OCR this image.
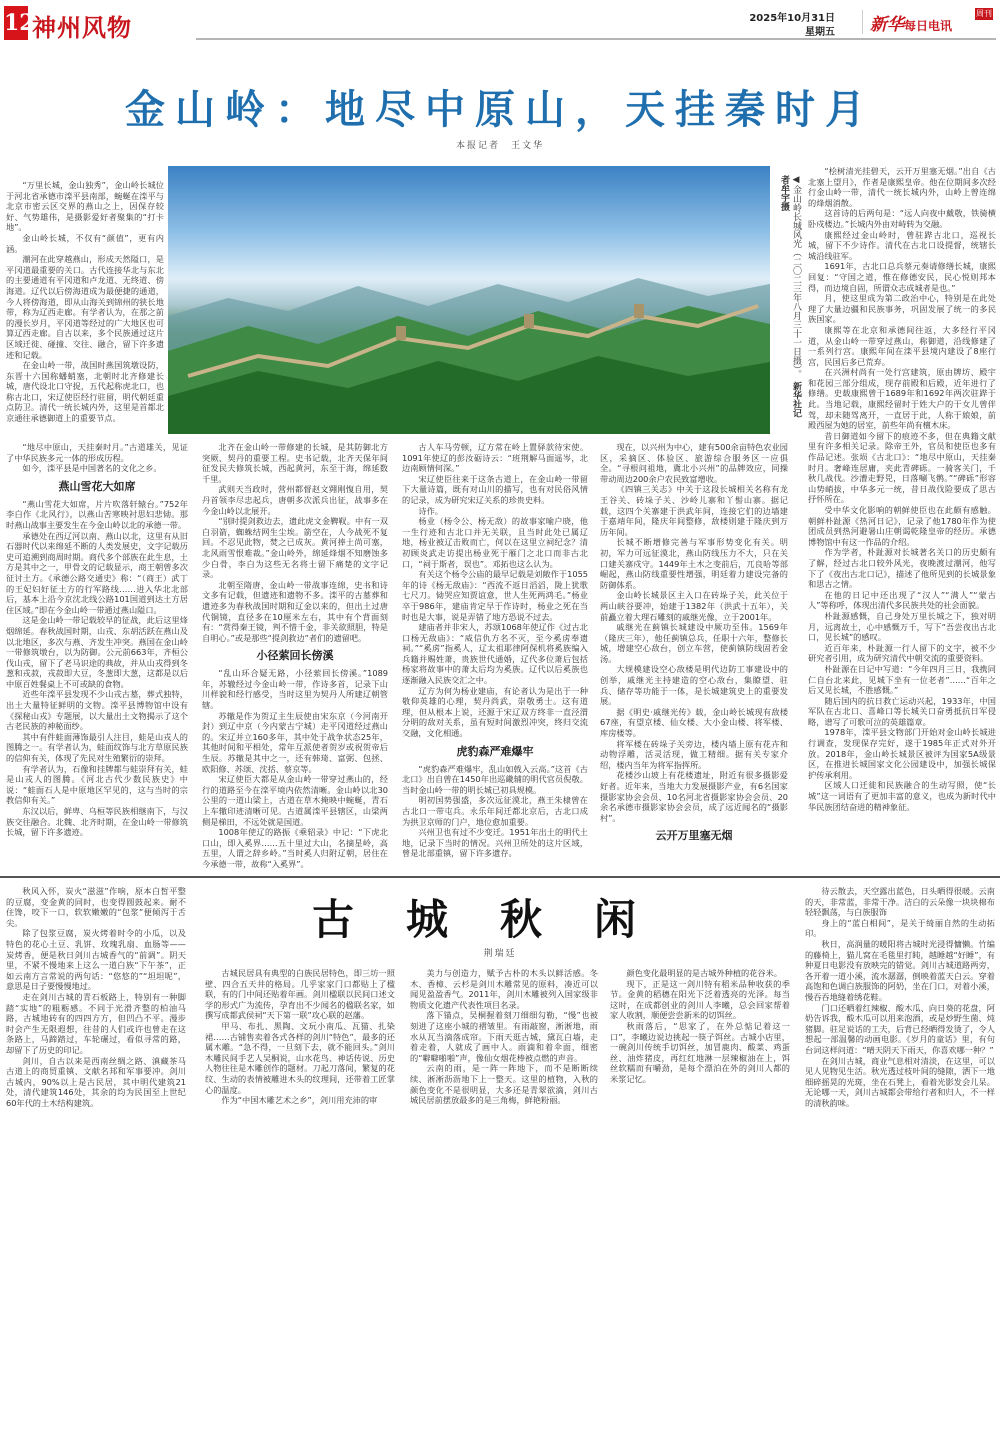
12
神州风物	2025年10月31日
星期五 新华每日电讯
周刊
金山岭：地尽中原山，天挂秦时月
本报记者　王文华
◀金山岭长城风光（二〇二三年八月三十一日摄）。 新华社记者牟宇摄

“万里长城，金山独秀”，金山岭长城位于河北省承德市滦平县南部，蜿蜒在滦平与北京市密云区交界的燕山之上，因保存较好、气势雄伟，是摄影爱好者聚集的“打卡地”。

金山岭长城，不仅有“颜值”，更有内涵。

潮河在此穿越燕山，形成天然隘口，是平冈道最重要的关口。古代连接华北与东北的主要通道有平冈道和卢龙道、无终道、傍海道。辽代以后傍海道成为最便捷的通道，今人将傍海道，即从山海关到锦州的狭长地带，称为辽西走廊。有学者认为，在那之前的漫长岁月，平冈道等经过的广大地区也可算辽西走廊。自古以来，多个民族通过这片区域迁徙、碰撞、交往、融合，留下许多遗迹和记载。

在金山岭一带，战国时燕国筑墩设防，东晋十六国称蟠蛸塞，北朝时北齐修建长城，唐代设北口守捉，五代起称虎北口，也称古北口，宋辽使臣经行驻留，明代朝廷重点防卫。清代一统长城内外，这里是首都北京通往承德御道上的重要节点。

“地尽中原山，天挂秦时月。”古道雄关，见证了中华民族多元一体的形成历程。

如今，滦平县是中国著名的文化之乡。

燕山雪花大如席

“燕山雪花大如席，片片吹落轩辕台。”752年李白作《北风行》，以燕山苦寒映衬思妇悲恸。那时燕山战事主要发生在今金山岭以北的承德一带。

承德处在西辽河以南、燕山以北，这里有从旧石器时代以来绵延不断的人类发展史，文字记载历史可追溯到商周时期。商代多个部族在此生息，土方是其中之一，甲骨文的记载显示，商王朝曾多次征讨土方。《承德公路交通史》称：“（商王）武丁的王妃妇好征土方的行军路线……进入华北北部后，基本上沿今京沈北线公路101国道到达土方居住区域。”即在今金山岭一带通过燕山隘口。

这是金山岭一带记载较早的征战，此后这里烽烟绵延。春秋战国时期，山戎、东胡活跃在燕山及以北地区，多次与燕、齐发生冲突。燕国在金山岭一带修筑墩台，以为防御。公元前663年，齐桓公伐山戎，留下了老马识途的典故，并从山戎得到冬葱和戎菽，戎菽即大豆，冬葱即大葱，这都是以后中原百姓餐桌上不可或缺的食物。

近些年滦平县发现不少山戎古墓，葬式独特，出土大量特征鲜明的文物。滦平县博物馆中设有《探秘山戎》专题展，以大量出土文物揭示了这个古老民族的神秘面纱。

其中有件蛙面薄饰最引人注目，蛙是山戎人的图腾之一。有学者认为，蛙面纹饰与北方草原民族的信仰有关，体现了先民对生殖繁衍的崇拜。

有学者认为，石像和挂牌都与蛙崇拜有关，蛙是山戎人的图腾。《河北古代少数民族史》中说：“蛙面石人是中原地区罕见的，这与当时的宗教信仰有关。”

东汉以后，鲜卑、乌桓等民族相继南下，与汉族交往融合。北魏、北齐时期，在金山岭一带修筑长城，留下许多遗迹。

北齐在金山岭一带修建的长城，是其防御北方突厥、契丹的重要工程。史书记载，北齐天保年间征发民夫修筑长城，西起黄河，东至于海，绵延数千里。

武则天当政时，营州都督赵文翙刚愎自用，契丹首领李尽忠起兵，唐朝多次派兵出征，战事多在今金山岭以北展开。

“别时提剑救边去，遗此虎文金鞞靫。中有一双白羽箭，蜘蛛结网生尘埃。箭空在，人今战死不复回。不忍见此物，焚之已成灰。黄河捧土尚可塞，北风雨雪恨难裁。”金山岭外，绵延烽烟不知磨蚀多少白骨，李白为这些无名将士留下痛楚的文字记录。

北朝至隋唐，金山岭一带战事连绵，史书和诗文多有记载，但遗迹和遗物不多。滦平的古墓葬和遗迹多为春秋战国时期和辽金以来的，但出土过唐代铜镜，直径多在10厘米左右，其中有个背面刻有：“赏得秦王镜，判不惜千金，非关欲照胆，特是自明心。”或是那些“提剑救边”者们的遗留吧。

小径萦回长傍溪

“乱山环合疑无路，小径萦回长傍溪。”1089年，苏辙经过今金山岭一带，作诗多首，记录下山川样貌和经行感受，当时这里为契丹人所建辽朝管辖。

苏辙是作为贺辽主生辰使由宋东京（今河南开封）到辽中京（今内蒙古宁城）走平冈道经过燕山的。宋辽并立160多年，其中处于战争状态25年，其他时间和平相处，常年互派使者贺岁或祝贺帝后生辰。苏辙是其中之一，还有韩琦、富弼、包拯、欧阳修、苏颂、沈括、蔡京等。

宋辽使臣大都是从金山岭一带穿过燕山的，经行的道路至今在滦平境内依然清晰。金山岭以北30公里的一道山梁上，古道在草木掩映中蜿蜒，青石上车辙印迹清晰可见。古道属滦平县辖区，山梁两侧是梯田，不远处就是国道。

1008年使辽的路振《乘轺录》中记：“下虎北口山，即入奚界……五十里过大山，名摘星岭，高五里，人谓之辞乡岭。”当时奚人归附辽朝，居住在今承德一带，故称“入奚界”。

古人车马劳顿，辽方常在岭上置驿款待宋使。1091年使辽的彭汝砺诗云：“班荆解马面遥岑，北边南顾情何深。”

宋辽使臣往来于这条古道上，在金山岭一带留下大量诗篇，既有对山川的描写，也有对民俗风情的记录，成为研究宋辽关系的珍贵史料。

诗作。

杨业（杨令公、杨无敌）的故事家喻户晓，他一生行迹和古北口并无关联，且当时此处已属辽地，杨业被辽击败而亡，何以在这里立祠纪念？清初顾炎武走访提出杨业死于雁门之北口而非古北口，“祠于斯者，误也”。邓拓也这么认为。

有关这个杨令公庙的最早记载是刘敞作于1055年的诗《杨无敌庙》：“西流不返日滔滔，陇上犹歌七尺刀。恸哭应知贾谊意，世人生死两鸿毛。”杨业卒于986年，建庙肯定早于作诗时，杨业之死在当时也是大事，说是弄错了地方恐说不过去。

建庙者并非宋人，苏颂1068年使辽作《过古北口杨无敌庙》：“威信仇方名不灭，至今奚虏奉遗祠。”“奚虏”指奚人，辽太祖耶律阿保机将奚族编入兵籍并赐姓萧，贵族世代通婚，辽代多位萧后包括杨家将故事中的萧太后均为奚族。辽代以后奚族也逐渐融入民族交汇之中。

辽方为何为杨业建庙，有论者认为是出于一种敬仰英雄的心理，契丹尚武，崇敬勇士。这有道理，但从根本上说，还源于宋辽双方终非一直泾渭分明的敌对关系，虽有短时间激烈冲突，终归交流交融，文化相通。

虎豹森严难爆牢

“虎豹森严难爆牢，乱山如戟入云高。”这首《古北口》出自曾在1450年出巡畿辅的明代官员倪敬。当时金山岭一带的明长城已初具规模。

明初国势强盛，多次远征漠北，燕王朱棣曾在古北口一带屯兵。永乐年间迁都北京后，古北口成为拱卫京师的门户，地位愈加重要。

兴州卫也有过不少变迁。1951年出土的明代土地，记录下当时的情况。兴州卫所处的这片区域，曾是北部重镇，留下许多遗存。

现在，以兴州为中心，建有500余亩特色农业园区，采摘区、体验区、旅游综合服务区一应俱全。“寻根问祖地，冀北小兴州”的品牌效应，同操带动周边200余户农民致富增收。

《四镇三关志》中关于这段长城相关名称有龙王谷关、砖垛子关、沙岭儿寨和丫髻山寨。据记载，这四个关寨建于洪武年间，连接它们的边墙建于嘉靖年间，隆庆年间整修，敌楼则建于隆庆到万历年间。

长城不断增修完善与军事形势变化有关。明初，军力可远征漠北，燕山防线压力不大，只在关口建关寨戍守。1449年土木之变前后，兀良哈等部崛起，燕山防线重要性增强，明廷着力建设完备的防御体系。

金山岭长城景区主入口在砖垛子关，此关位于两山峡谷要冲，始建于1382年（洪武十五年），关前矗立着大理石雕刻的戚继光像，立于2001年。

戚继光在蓟镇长城建设中厥功至伟。1569年（隆庆三年），他任蓟镇总兵，任职十六年，整修长城，增建空心敌台，创立车营，使蓟镇防线固若金汤。

大规模建设空心敌楼是明代边防工事建设中的创举，戚继光主持建造的空心敌台，集瞭望、驻兵、储存等功能于一体，是长城建筑史上的重要发展。

据《明史·戚继光传》载，金山岭长城现有敌楼67座，有望京楼、仙女楼、大小金山楼、将军楼、库房楼等。

将军楼在砖垛子关旁边，楼内墙上原有花卉和动物浮雕，活灵活现，做工精细。据有关专家介绍，楼内当年为将军指挥所。

花楼沙山坡上有花楼遗址，附近有很多摄影爱好者。近年来，当地大力发展摄影产业，有6名国家摄影家协会会员、10名河北省摄影家协会会员、20余名承德市摄影家协会会员，成了远近闻名的“摄影村”。

云开万里塞无烟

“桧树清光挂碧天，云开万里塞无烟。”出自《古北塞上望月》，作者是康熙皇帝。他在位期间多次经行金山岭一带，清代一统长城内外，山岭上曾连绵的烽烟消散。

这首诗的后两句是：“远人向夜中戴敬，铁骑横卧戍楼边。”长城内外由对峙转为交融。

康熙经过金山岭时，曾驻跸古北口，巡视长城，留下不少诗作。清代在古北口设提督，统辖长城沿线驻军。

1691年，古北口总兵蔡元奏请修缮长城，康熙回复：“守国之道，惟在修德安民，民心悦则邦本得，而边境自固，所谓众志成城者是也。”

月，使这里成为第二政治中心，特别是在此处理了大量边疆和民族事务，巩固发展了统一的多民族国家。

康熙等在北京和承德间往返，大多经行平冈道，从金山岭一带穿过燕山，称御道，沿线修建了一系列行宫。康熙年间在滦平县境内建设了8座行宫，民国后多已荒弃。

在兴洲村尚有一处行宫建筑，原由牌坊、殿宇和花园三部分组成，现存前殿和后殿，近年进行了修缮。史载康熙曾于1689年和1692年两次驻跸于此。当地记载，康熙经留时于姓大户的干女儿曾伴驾，却未随驾离开，一直居于此，人称于娘娘，前殿西屋为她的居室，前些年尚有檀木床。

昔日御道如今留下的痕迹不多，但在典籍文献里有许多相关记录。除帝王外，官员和使臣也多有作品记述。张埙《古北口》：“地尽中原山，天挂秦时月。奢峰连居庸，夹此青碑砾。一骑客关门，千秋几战伐。沙漕走野兕，日落唰飞鹘。”“碑砾”形容山势峭拔，中华多元一统，昔日战伐险要成了思古抒怀所在。

受中华文化影响的朝鲜使臣也在此颇有感触。朝鲜朴趾源《热河日记》，记录了他1780年作为使团成员到热河避暑山庄朝谒乾隆皇帝的经历。承德博物馆中有这一作品的介绍。

作为学者，朴趾源对长城著名关口的历史颇有了解，经过古北口较外风光，夜晚渡过潮河，他写下了《夜出古北口记》，描述了他所见到的长城景象和思古之情。

在他的日记中还出现了“汉人”“满人”“蒙古人”等称呼，体现出清代多民族共处的社会面貌。

朴趾源感慨，自己身处万里长城之下，独对明月，远离故土，心中感慨万千，写下“吾尝夜出古北口，见长城”的感叹。

近百年来，朴趾源一行人留下的文字，被不少研究者引用，成为研究清代中朝交流的重要资料。

朴趾源在日记中写道：“今年四月三日，我携同仁自台北来此，见城下坐有一位老者”……“百年之后又见长城，不胜感慨。”

随后国内的抗日救亡运动兴起，1933年，中国军队在古北口、喜峰口等长城关口奋勇抵抗日军侵略，谱写了可歌可泣的英雄篇章。

1978年，滦平县文物部门开始对金山岭长城进行调查，发现保存完好，遂于1985年正式对外开放。2018年，金山岭长城景区被评为国家5A级景区，在推进长城国家文化公园建设中，加强长城保护传承利用。

区域人口迁徙和民族融合的生动写照，使“长城”这一词语有了更加丰富的意义，也成为新时代中华民族团结奋进的精神象征。

古城秋闲
荆瑞廷

秋风入怀，炭火“滋滋”作响，原本白皙平整的豆腐，变金黄的同时，也变得圆鼓起来。耐不住馋，咬下一口，软软嫩嫩的“包浆”便倾泻于舌尖。

除了包浆豆腐，炭火烤着时令的小瓜，以及特色的花心土豆、乳饼、玫瑰乳扇、血肠等——炭烤香，便是秋日剑川古城香气的“前调”。阴天里，不紧不慢地来上这么一道白族“下午茶”，正如云南方言常说的两句话：“悠悠的”“坦坦呢”，意思是日子要慢慢地过。

走在剑川古城的青石板路上，特别有一种脚踏“实地”的粗粝感。不同于光滑齐整的柏油马路，古城地砖有的四四方方，但凹凸不平。漫步时会产生无限遐想，往昔的人们或许也曾走在这条路上，马蹄踏过，车轮碾过，看似寻常的路，却留下了历史的印记。

剑川，自古以来是西南丝绸之路、滇藏茶马古道上的商贸重镇、文献名邦和军事要冲。剑川古城内，90%以上是古民居，其中明代建筑21处，清代建筑146处，其余的均为民国至上世纪60年代的土木结构建筑。

古城民居具有典型的白族民居特色，即三坊一照壁、四合五天井的格局。几乎家家门口都贴上了楹联，有的门中间还贴着年画。剑川楹联以民间口述文学的形式广为流传，孕育出不少闻名的楹联名家，如撰写成都武侯祠“天下第一联”攻心联的赵藩。

甲马、布扎、黑陶、文玩小南瓜、瓦猫、扎染裙……古铺售卖着各式各样的剑川“特色”，最多的还属木雕。“急不得，一旦刻下去，就不能回头。”剑川木雕民间手艺人吴桐说，山水花鸟、神话传说、历史人物往往是木雕创作的题材。刀起刀落间，繁复的花纹、生动的表情被雕进木头的纹理间，还带着工匠掌心的温度。

作为“中国木雕艺术之乡”，剑川用充沛的审

美力与创造力，赋予古朴的木头以鲜活感。冬木、香樟、云杉是剑川木雕常见的原料，凑近可以闻见盈盈香气。2011年，剑川木雕被列入国家级非物质文化遗产代表性项目名录。

落下锚点，吴桐握着刻刀细细勾勒，“慢”也被刻进了这座小城的褶皱里。有雨敲窗，淅淅地，雨水从瓦当滴落成帘。下雨天逛古城，黛瓦白墙，走着走着，人就成了画中人。雨滴和着伞面，细密的“噼噼啪啪”声，像仙女烟花棒被点燃的声音。

云南的雨，是一阵一阵地下，而不是断断续续、淅淅沥沥地下上一整天。这里的植物，入秋的颜色变化不是很明显，大多还是青翠欲滴，剑川古城民居前摆放最多的是三角梅，鲜艳粉丽。

颜色变化最明显的是古城外种植的花谷米。

现下，正是这一剑川特有稻米品种收获的季节。金黄的稻穗在阳光下泛着透亮的光泽。每当这时，在成都创业的剑川人李曦，总会回家帮着家人收割，顺便尝尝新米的切饵丝。

秋雨落后，“思家了，在外总惦记着这一口”，李曦边说边挑起一筷子饵丝。古城小店里，一碗剑川传统手切饵丝，加冒鹿肉、酸菜、鸡蛋丝、油炸猪皮，再红红地淋一层辣椒油在上，饵丝软糯而有嚼劲，是每个漂泊在外的剑川人都的米浆记忆。

待云散去，天空露出蓝色，日头晒得很暖。云南的天，非常蓝，非常干净。洁白的云朵像一块块棉布轻轻飘荡，与白族服饰

身上的“蓝白相间”，是关于绮丽自然的生动拓印。

秋日，高润量的暖阳将古城时光浸得慵懒。竹编的藤椅上，猫儿窝在毛毯里打盹，越睡越“好睡”，有种夏日电影没有放映完的错觉。剑川古城道路两旁，各开着一道小溪，流水潺潺，倒映着蓝天白云。穿着高饱和色调白族服饰的阿奶，坐在门口，对着小溪，慢吞吞地缝着绣花鞋。

门口还晒着红辣椒、酸木瓜、向日葵的花盘，阿奶告诉我，酸木瓜可以用来泡酒，或是炒野生菌、炖猪脚。驻足说话的工夫，后背已经晒得发烫了，令人想起一部温馨的动画电影。《岁月的童话》里，有句台词这样问道：“晴天阴天下雨天，你喜欢哪一种？”

在剑川古城，商业气息相对清淡，在这里，可以见人见物见生活。秋光透过枝叶间的缝隙，洒下一地细碎摇晃的光斑，坐在石凳上，看着光影发会儿呆。无论哪一天，剑川古城都会带给行者和归人，不一样的清秋韵味。
